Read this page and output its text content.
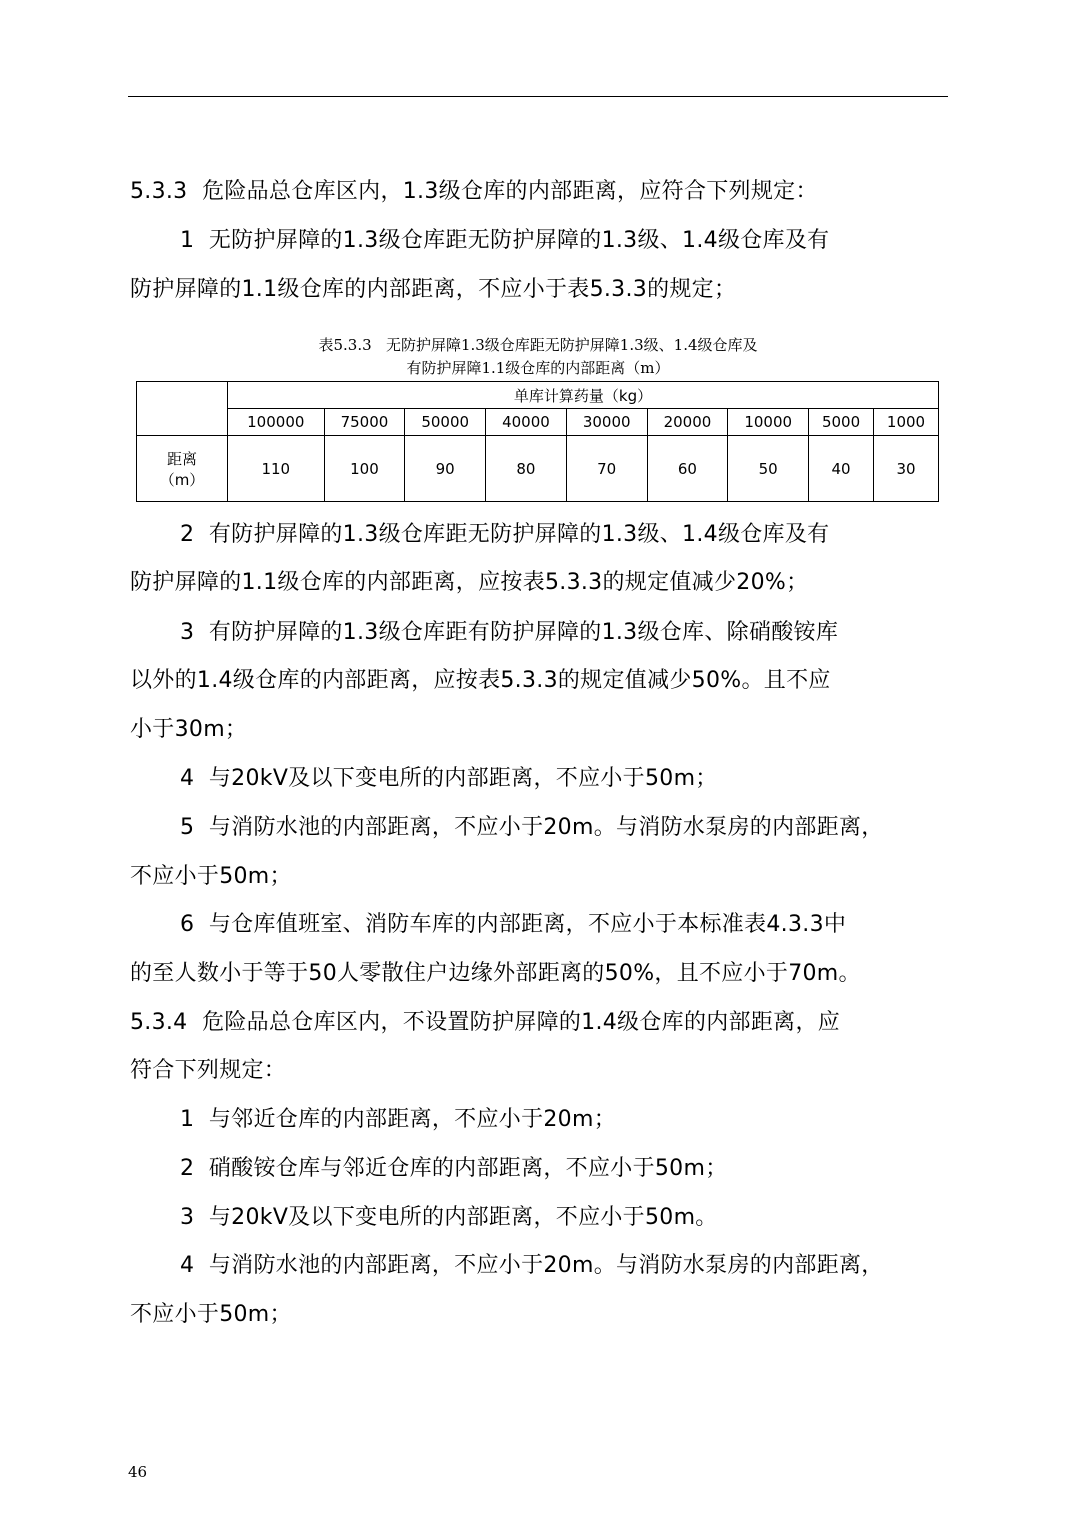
5.3.3  危险品总仓库区内，1.3级仓库的内部距离，应符合下列规定：
1  无防护屏障的1.3级仓库距无防护屏障的1.3级、1.4级仓库及有
防护屏障的1.1级仓库的内部距离，不应小于表5.3.3的规定；
表5.3.3   无防护屏障1.3级仓库距无防护屏障1.3级、1.4级仓库及
有防护屏障1.1级仓库的内部距离（m）
	单库计算药量（kg）								
	100000	75000	50000	40000	30000	20000	10000	5000	1000

距离
（m）	110	100	90	80	70	60	50	40	30
2  有防护屏障的1.3级仓库距无防护屏障的1.3级、1.4级仓库及有
防护屏障的1.1级仓库的内部距离，应按表5.3.3的规定值减少20%；
3  有防护屏障的1.3级仓库距有防护屏障的1.3级仓库、除硝酸铵库
以外的1.4级仓库的内部距离，应按表5.3.3的规定值减少50%。且不应
小于30m；
4  与20kV及以下变电所的内部距离，不应小于50m；
5  与消防水池的内部距离，不应小于20m。与消防水泵房的内部距离，
不应小于50m；
6  与仓库值班室、消防车库的内部距离，不应小于本标准表4.3.3中
的至人数小于等于50人零散住户边缘外部距离的50%，且不应小于70m。
5.3.4  危险品总仓库区内，不设置防护屏障的1.4级仓库的内部距离，应
符合下列规定：
1  与邻近仓库的内部距离，不应小于20m；
2  硝酸铵仓库与邻近仓库的内部距离，不应小于50m；
3  与20kV及以下变电所的内部距离，不应小于50m。
4  与消防水池的内部距离，不应小于20m。与消防水泵房的内部距离，
不应小于50m；
46
